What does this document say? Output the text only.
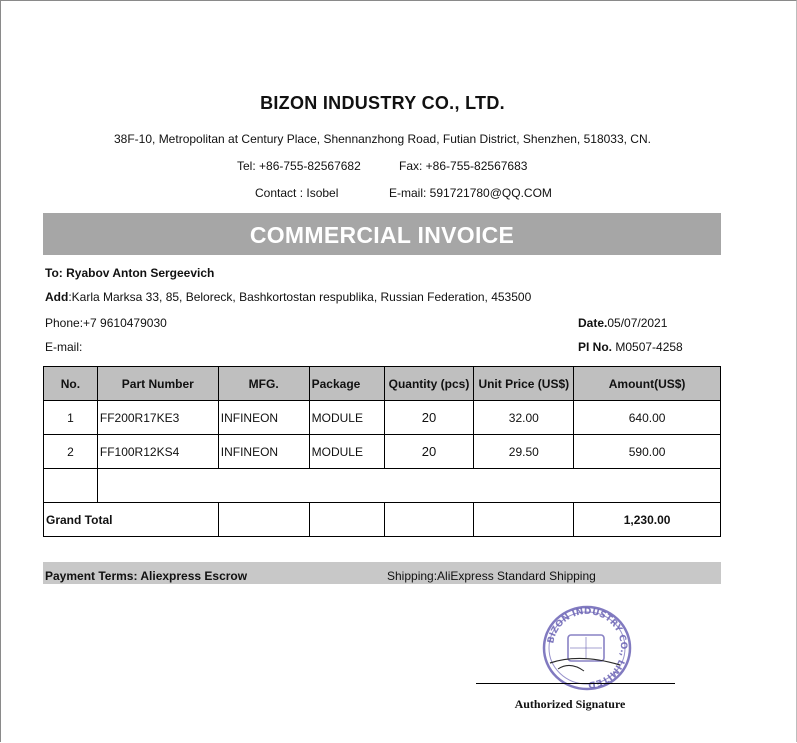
BIZON INDUSTRY CO., LTD.
38F-10, Metropolitan at Century Place, Shennanzhong Road, Futian District, Shenzhen, 518033, CN.
Tel: +86-755-82567682	Fax: +86-755-82567683
Contact : Isobel	E-mail: 591721780@QQ.COM
COMMERCIAL INVOICE
To: Ryabov Anton Sergeevich
Add:Karla Marksa 33, 85, Beloreck, Bashkortostan respublika, Russian Federation, 453500
Phone:+7 9610479030
E-mail:
Date.05/07/2021
PI No. M0507-4258
No.	Part Number	MFG.	Package	Quantity (pcs)	Unit Price (US$)	Amount(US$)
1	FF200R17KE3	INFINEON	MODULE	20	32.00	640.00
2	FF100R12KS4	INFINEON	MODULE	20	29.50	590.00

Grand Total						1,230.00
Payment Terms: Aliexpress Escrow	Shipping:AliExpress Standard Shipping
BIZON INDUSTRY CO., LIMITED
Authorized Signature
